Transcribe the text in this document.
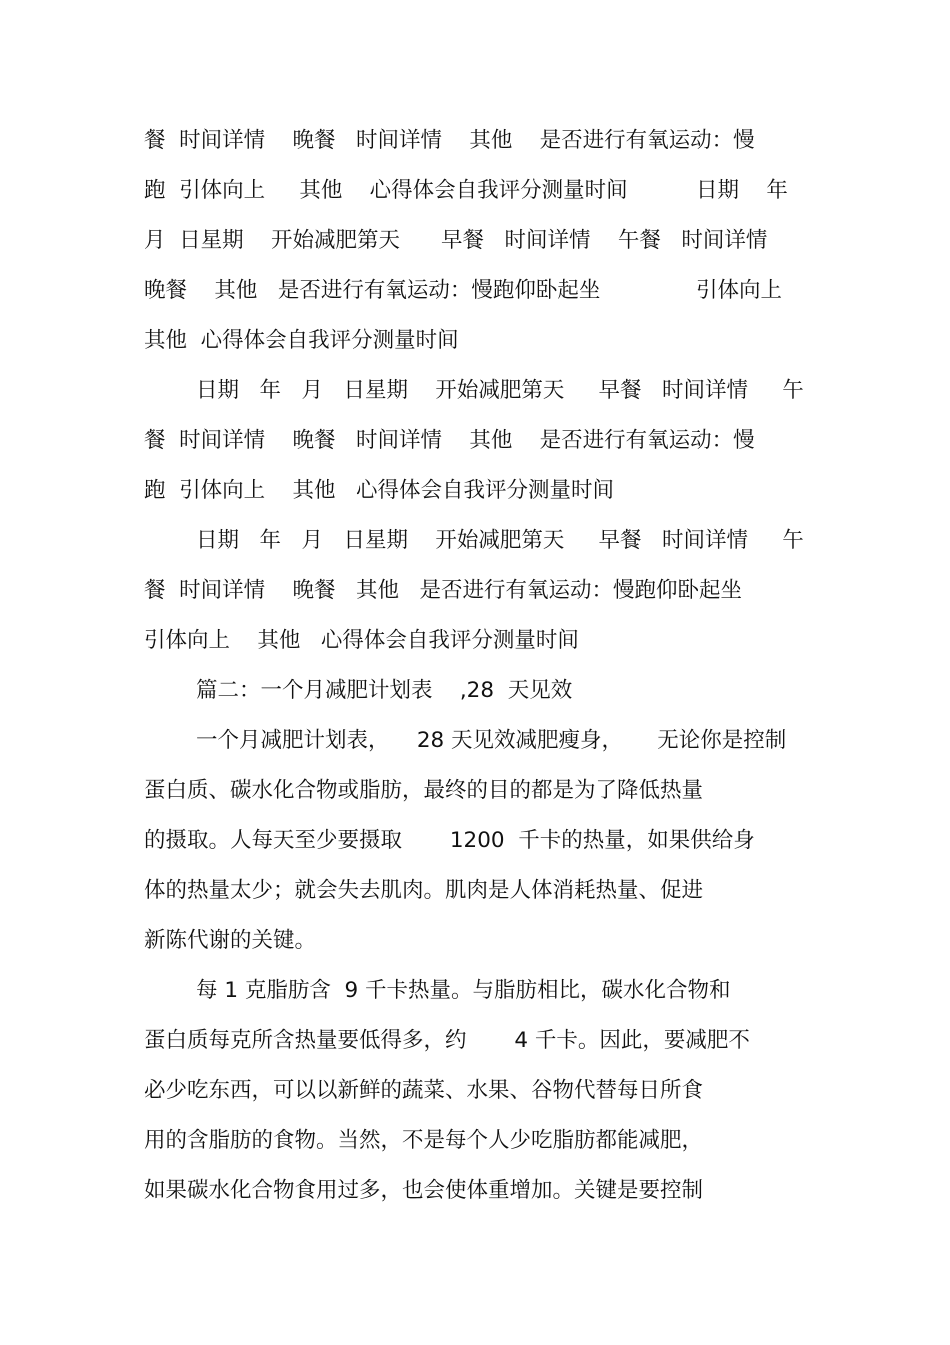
餐  时间详情    晚餐   时间详情    其他    是否进行有氧运动：慢
跑  引体向上     其他    心得体会自我评分测量时间          日期    年
月  日星期    开始减肥第天      早餐   时间详情    午餐   时间详情
晚餐    其他   是否进行有氧运动：慢跑仰卧起坐              引体向上
其他  心得体会自我评分测量时间
日期   年   月   日星期    开始减肥第天     早餐   时间详情     午
餐  时间详情    晚餐   时间详情    其他    是否进行有氧运动：慢
跑  引体向上    其他   心得体会自我评分测量时间
日期   年   月   日星期    开始减肥第天     早餐   时间详情     午
餐  时间详情    晚餐   其他   是否进行有氧运动：慢跑仰卧起坐
引体向上    其他   心得体会自我评分测量时间
篇二：一个月减肥计划表    ,28  天见效
一个月减肥计划表，    28 天见效减肥瘦身，     无论你是控制
蛋白质、碳水化合物或脂肪，最终的目的都是为了降低热量
的摄取。人每天至少要摄取       1200  千卡的热量，如果供给身
体的热量太少；就会失去肌肉。肌肉是人体消耗热量、促进
新陈代谢的关键。
每 1 克脂肪含  9 千卡热量。与脂肪相比，碳水化合物和
蛋白质每克所含热量要低得多，约       4 千卡。因此，要减肥不
必少吃东西，可以以新鲜的蔬菜、水果、谷物代替每日所食
用的含脂肪的食物。当然，不是每个人少吃脂肪都能减肥，
如果碳水化合物食用过多，也会使体重增加。关键是要控制
